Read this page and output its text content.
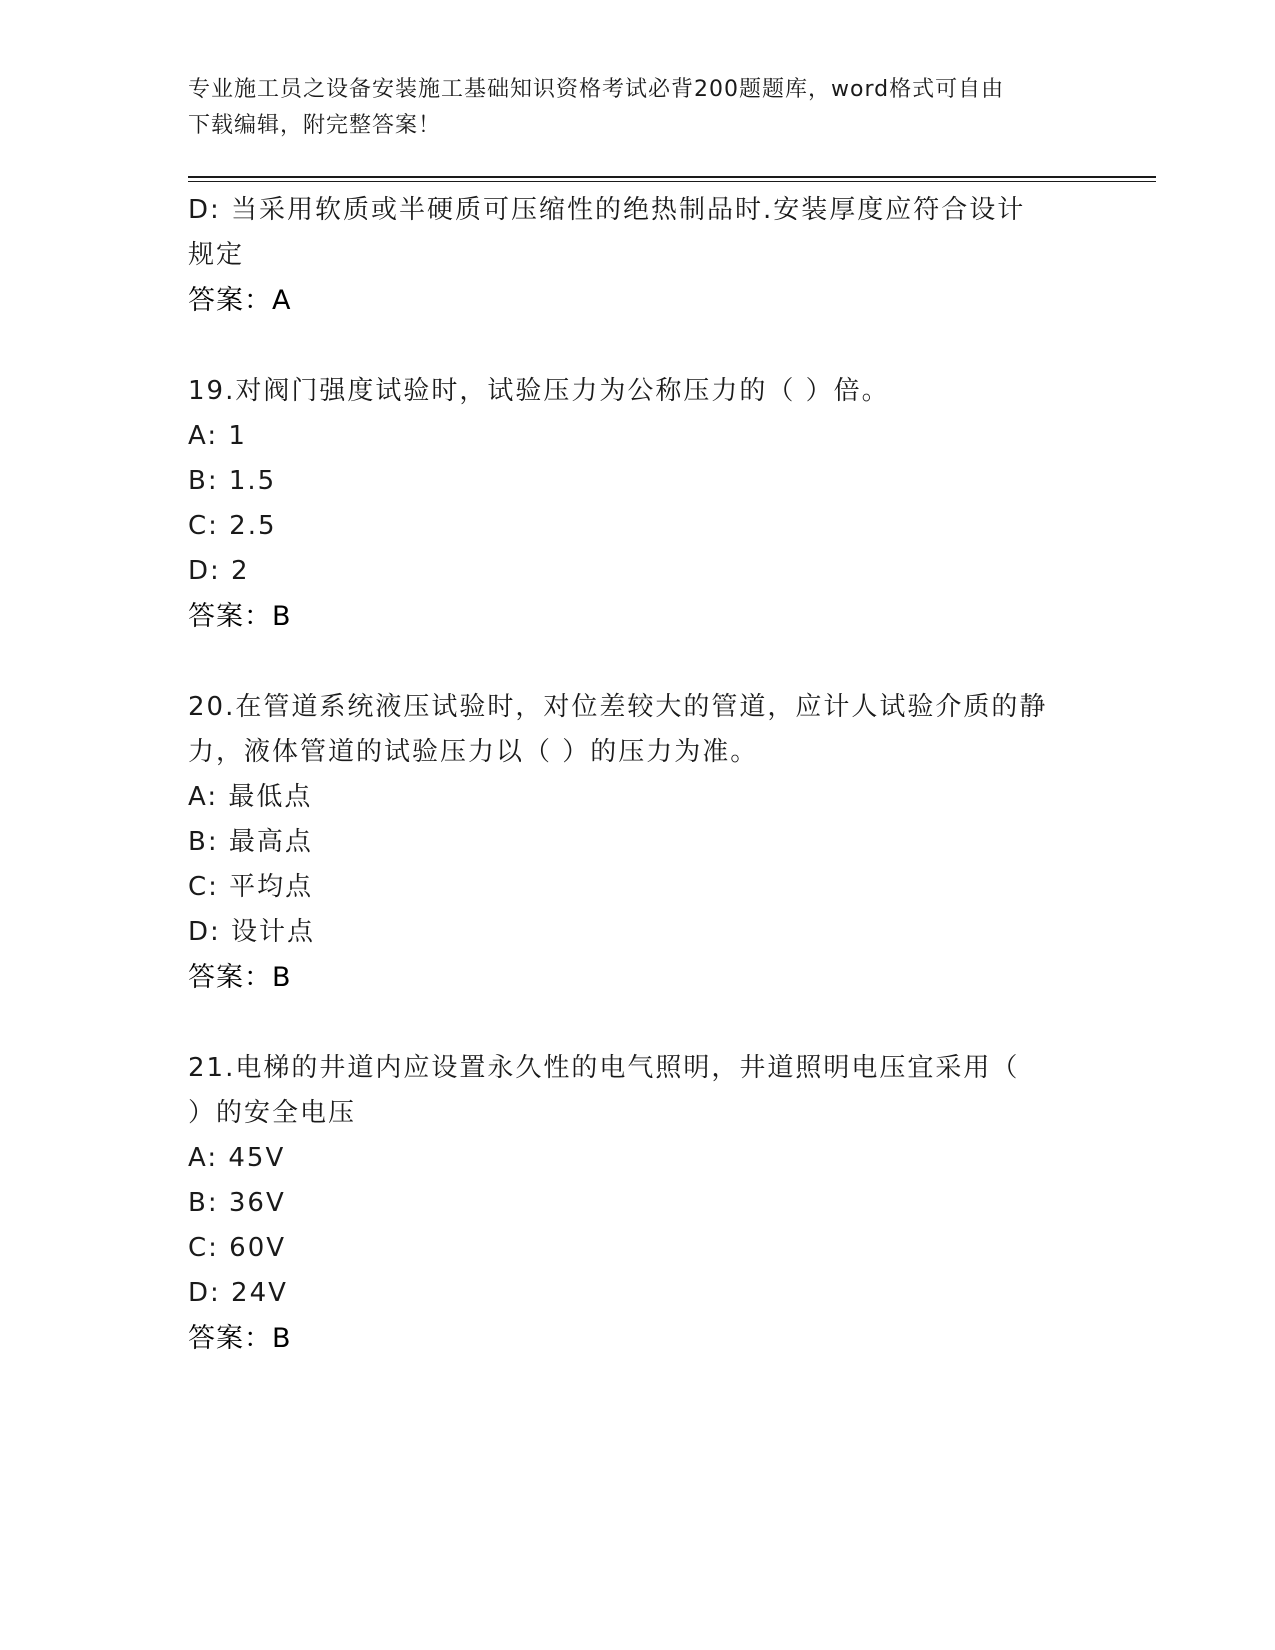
专业施工员之设备安装施工基础知识资格考试必背200题题库，word格式可自由
下载编辑，附完整答案！
D: 当采用软质或半硬质可压缩性的绝热制品时.安装厚度应符合设计
规定
答案：A
19.对阀门强度试验时，试验压力为公称压力的（ ）倍。
A: 1
B: 1.5
C: 2.5
D: 2
答案：B
20.在管道系统液压试验时，对位差较大的管道，应计人试验介质的静
力，液体管道的试验压力以（ ）的压力为准。
A: 最低点
B: 最高点
C: 平均点
D: 设计点
答案：B
21.电梯的井道内应设置永久性的电气照明，井道照明电压宜采用（
）的安全电压
A: 45V
B: 36V
C: 60V
D: 24V
答案：B
